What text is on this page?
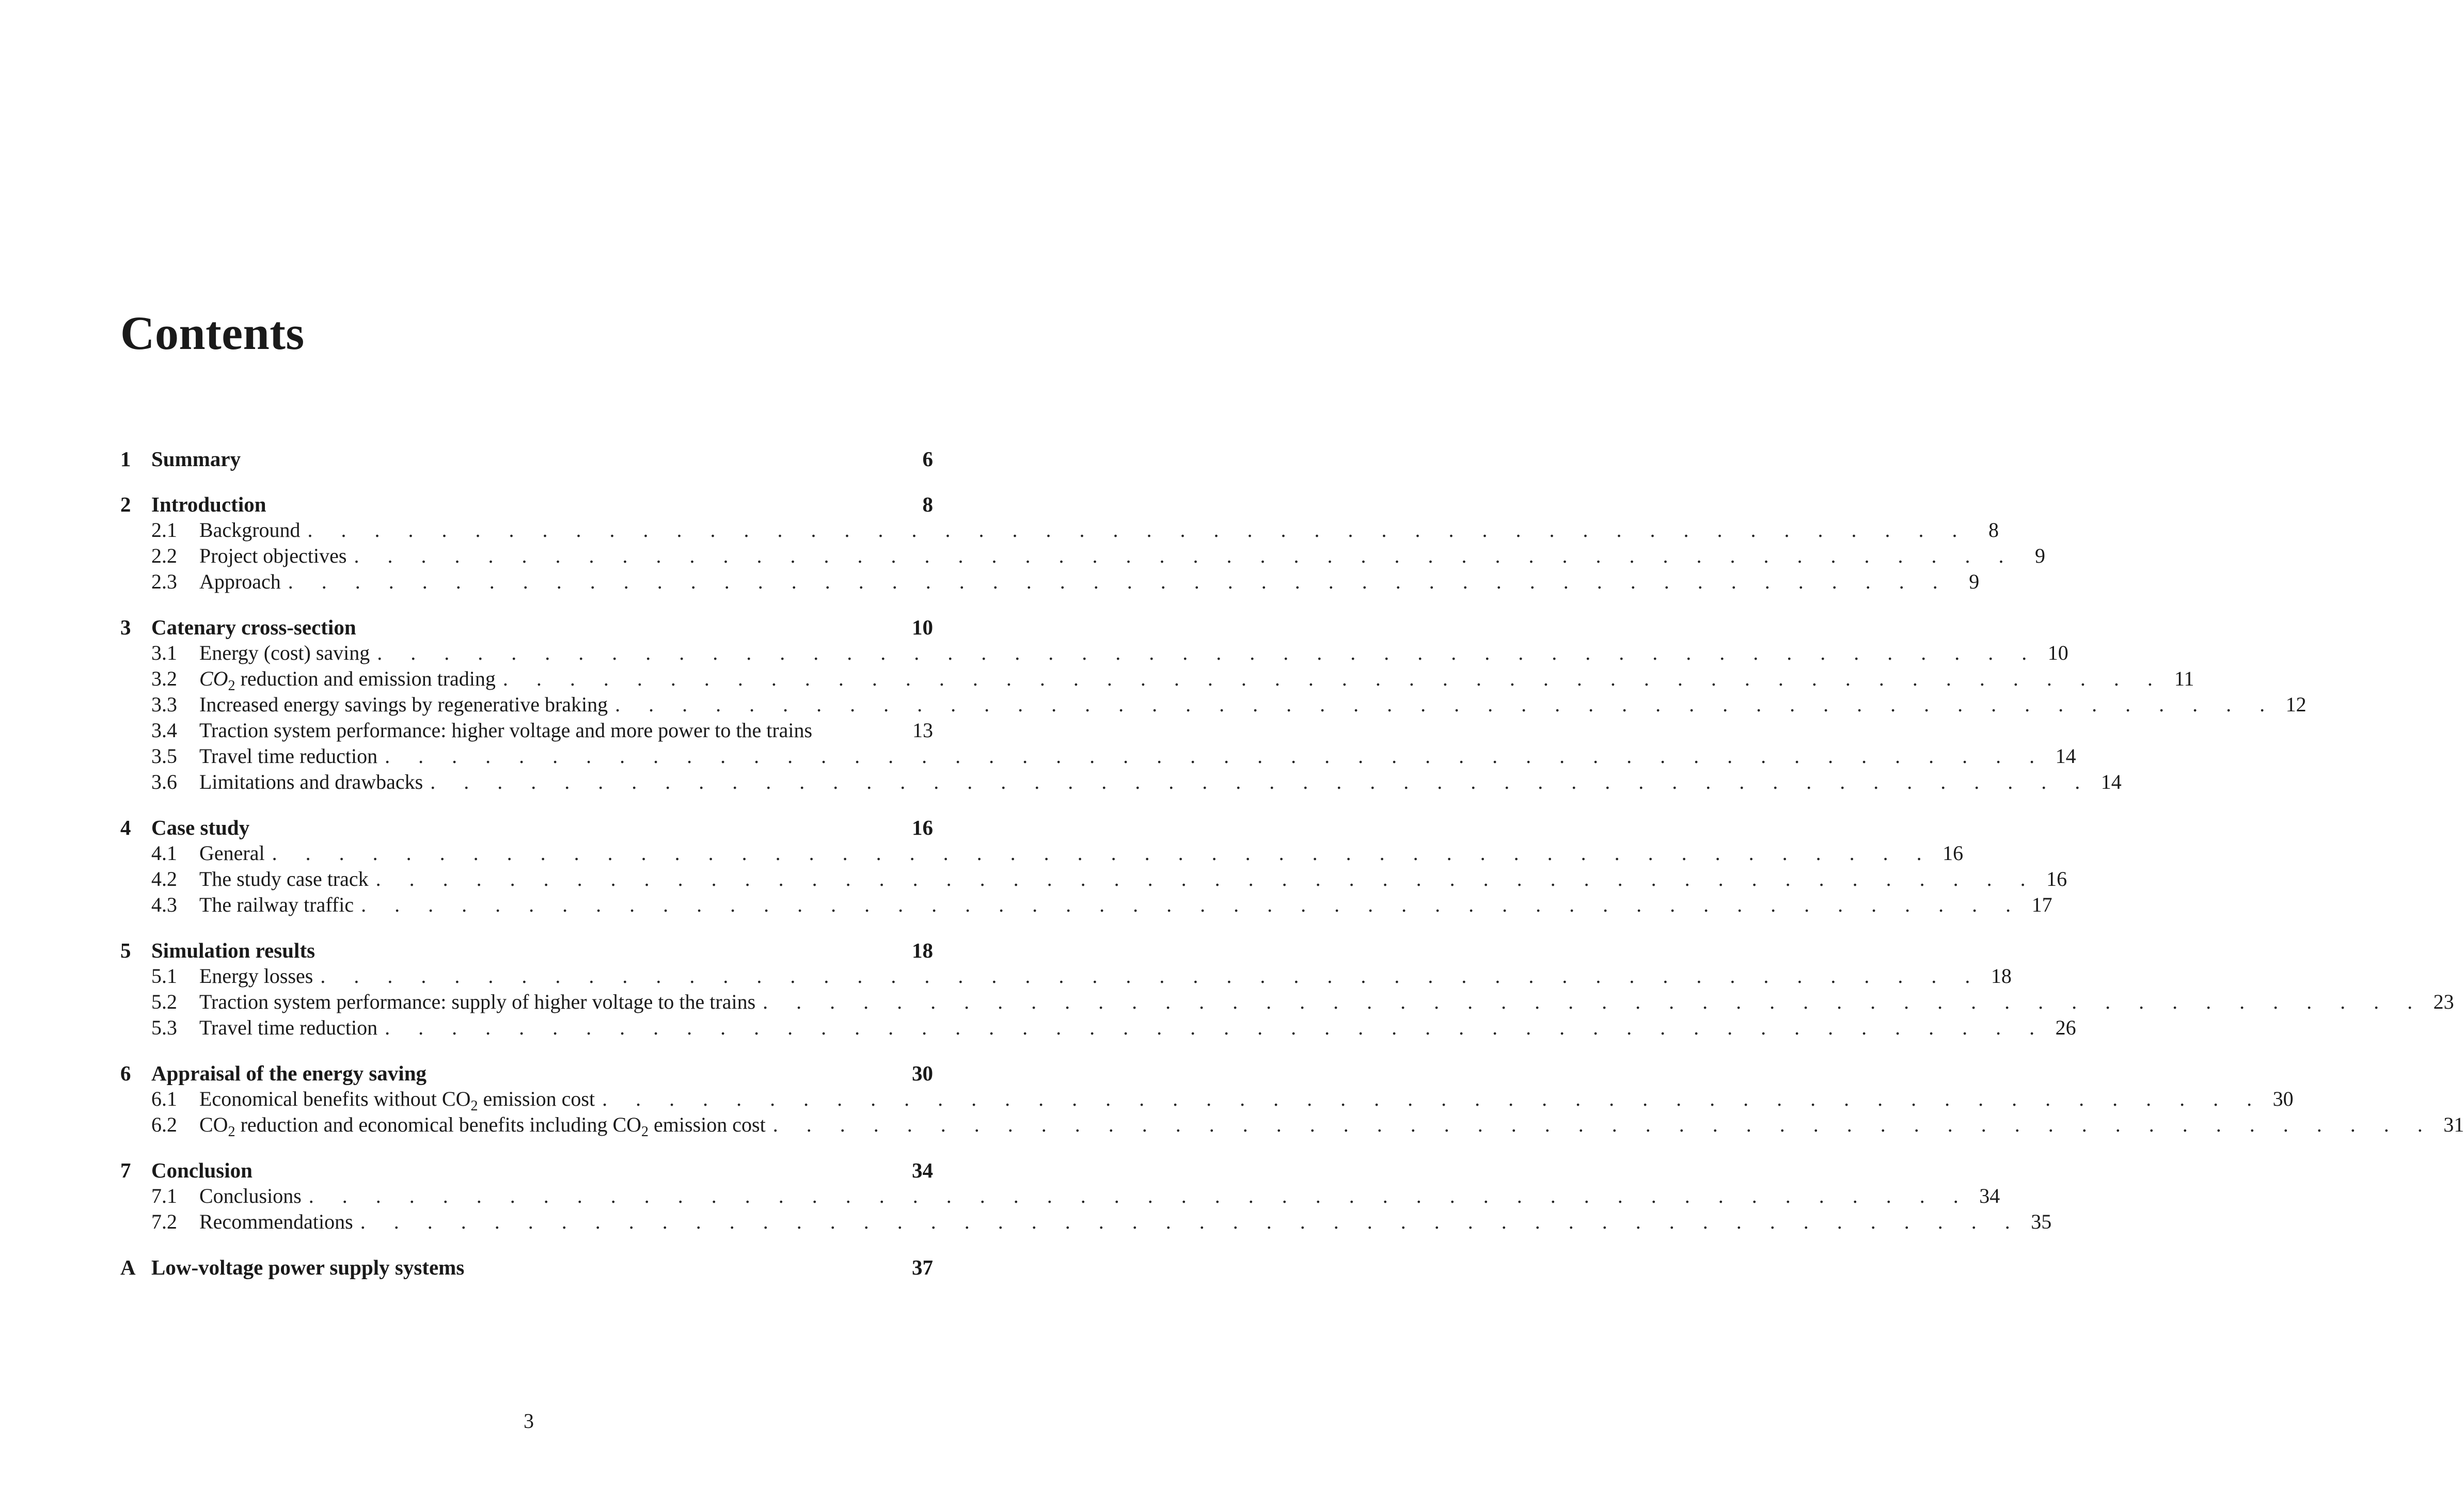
Contents
1 Summary	6
2 Introduction	8
2.1	Background . . . . . . . . . . . . . . . . . . . . . . . . . . . . . . . . . . . . . . . . . . . . . . . . . . 8
2.2	Project objectives . . . . . . . . . . . . . . . . . . . . . . . . . . . . . . . . . . . . . . . . . . . . . . . . . . 9
2.3	Approach . . . . . . . . . . . . . . . . . . . . . . . . . . . . . . . . . . . . . . . . . . . . . . . . . . 9
3 Catenary cross-section	10
3.1	Energy (cost) saving . . . . . . . . . . . . . . . . . . . . . . . . . . . . . . . . . . . . . . . . . . . . . . . . . . 10
3.2	$CO_2$ reduction and emission trading . . . . . . . . . . . . . . . . . . . . . . . . . . . . . . . . . . . . . . . . . . . . . . . . . . 11
3.3	Increased energy savings by regenerative braking . . . . . . . . . . . . . . . . . . . . . . . . . . . . . . . . . . . . . . . . . . . . . . . . . . 12
3.4	Traction system performance: higher voltage and more power to the trains	13
3.5	Travel time reduction . . . . . . . . . . . . . . . . . . . . . . . . . . . . . . . . . . . . . . . . . . . . . . . . . . 14
3.6	Limitations and drawbacks . . . . . . . . . . . . . . . . . . . . . . . . . . . . . . . . . . . . . . . . . . . . . . . . . . 14
4 Case study	16
4.1	General . . . . . . . . . . . . . . . . . . . . . . . . . . . . . . . . . . . . . . . . . . . . . . . . . . 16
4.2	The study case track . . . . . . . . . . . . . . . . . . . . . . . . . . . . . . . . . . . . . . . . . . . . . . . . . . 16
4.3	The railway traffic . . . . . . . . . . . . . . . . . . . . . . . . . . . . . . . . . . . . . . . . . . . . . . . . . . 17
5 Simulation results	18
5.1	Energy losses . . . . . . . . . . . . . . . . . . . . . . . . . . . . . . . . . . . . . . . . . . . . . . . . . . 18
5.2	Traction system performance: supply of higher voltage to the trains . . . . . . . . . . . . . . . . . . . . . . . . . . . . . . . . . . . . . . . . . . . . . . . . . . 23
5.3	Travel time reduction . . . . . . . . . . . . . . . . . . . . . . . . . . . . . . . . . . . . . . . . . . . . . . . . . . 26
6 Appraisal of the energy saving	30
6.1	Economical benefits without $CO_2$ emission cost . . . . . . . . . . . . . . . . . . . . . . . . . . . . . . . . . . . . . . . . . . . . . . . . . . 30
6.2	$CO_2$ reduction and economical benefits including $CO_2$ emission cost . . . . . . . . . . . . . . . . . . . . . . . . . . . . . . . . . . . . . . . . . . . . . . . . . . 31
7 Conclusion	34
7.1	Conclusions . . . . . . . . . . . . . . . . . . . . . . . . . . . . . . . . . . . . . . . . . . . . . . . . . . 34
7.2	Recommendations . . . . . . . . . . . . . . . . . . . . . . . . . . . . . . . . . . . . . . . . . . . . . . . . . . 35
A Low-voltage power supply systems	37
3
